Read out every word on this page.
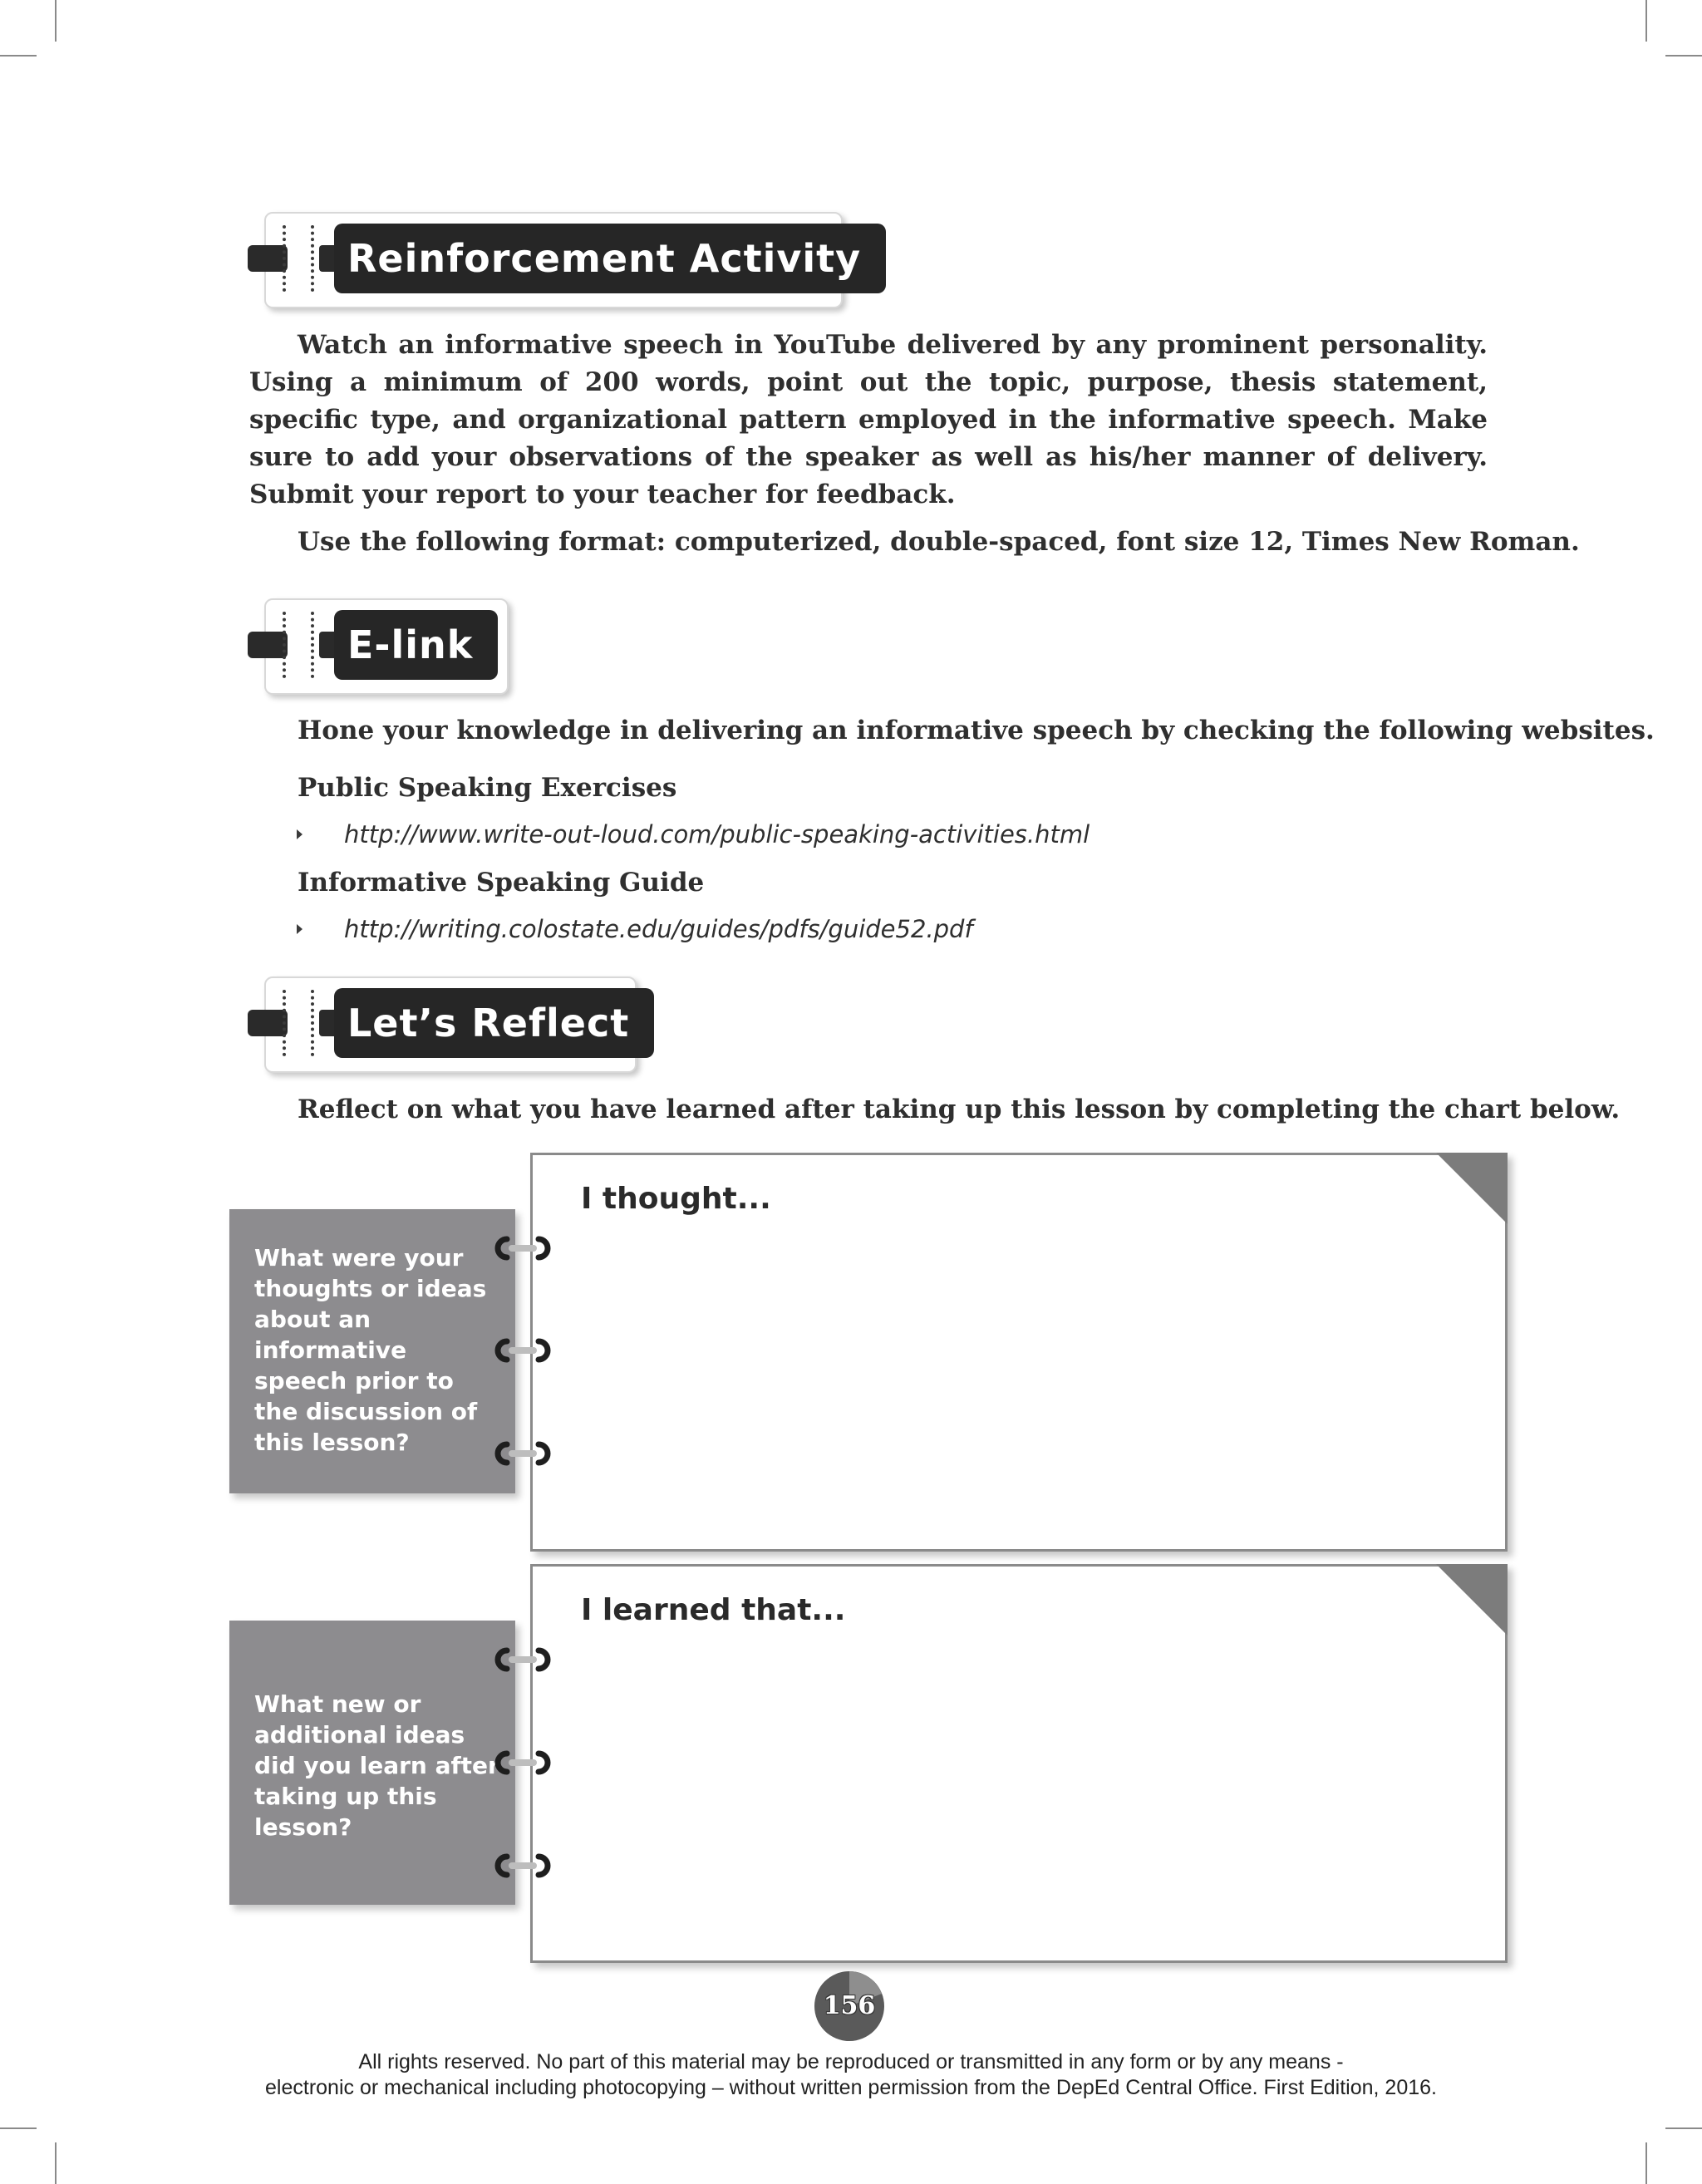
Reinforcement Activity

Watch an informative speech in YouTube delivered by any prominent personality. Using a minimum of 200 words, point out the topic, purpose, thesis statement, specific type, and organizational pattern employed in the informative speech. Make sure to add your observations of the speaker as well as his/her manner of delivery. Submit your report to your teacher for feedback.

Use the following format: computerized, double-spaced, font size 12, Times New Roman.

E-link

Hone your knowledge in delivering an informative speech by checking the following websites.

Public Speaking Exercises

http://www.write-out-loud.com/public-speaking-activities.html

Informative Speaking Guide

http://writing.colostate.edu/guides/pdfs/guide52.pdf

Let’s Reflect

Reflect on what you have learned after taking up this lesson by completing the chart below.

I thought...

What were your thoughts or ideas about an informative speech prior to the discussion of this lesson?

I learned that...

What new or additional ideas did you learn after taking up this lesson?

156

All rights reserved. No part of this material may be reproduced or transmitted in any form or by any means -

electronic or mechanical including photocopying – without written permission from the DepEd Central Office. First Edition, 2016.
